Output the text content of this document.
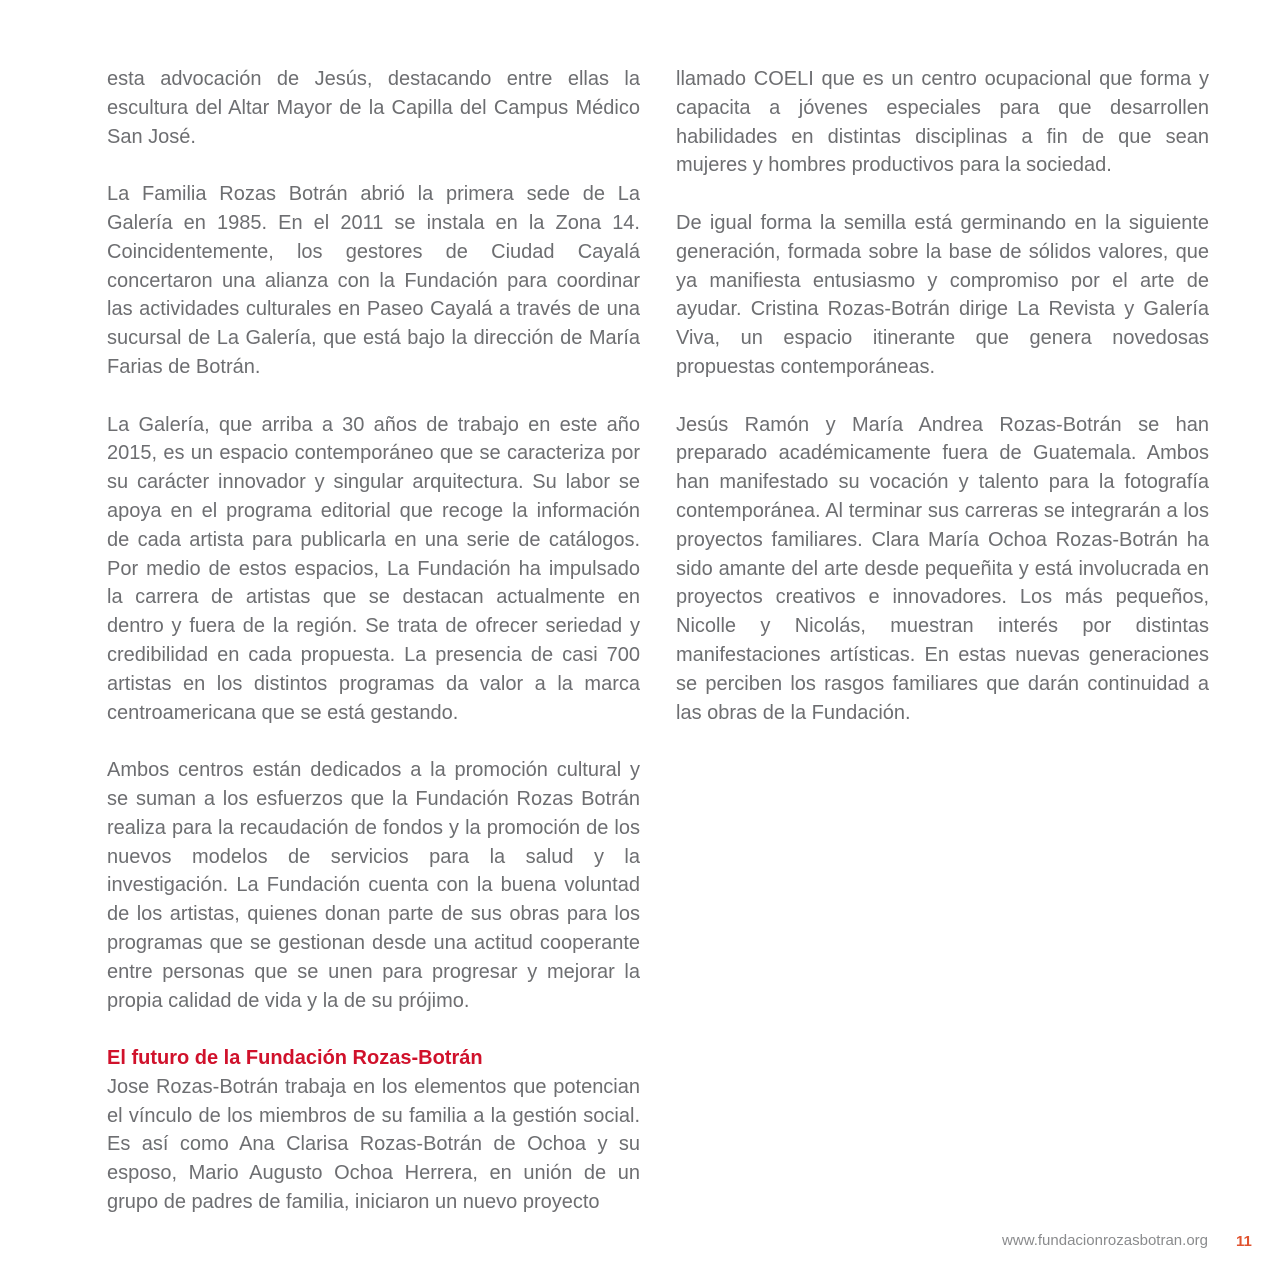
esta advocación de Jesús, destacando entre ellas la escultura del Altar Mayor de la Capilla del Campus Médico San José.

La Familia Rozas Botrán abrió la primera sede de La Galería en 1985. En el 2011 se instala en la Zona 14. Coincidentemente, los gestores de Ciudad Cayalá concertaron una alianza con la Fundación para coordinar las actividades culturales en Paseo Cayalá a través de una sucursal de La Galería, que está bajo la dirección de María Farias de Botrán.

La Galería, que arriba a 30 años de trabajo en este año 2015, es un espacio contemporáneo que se caracteriza por su carácter innovador y singular arquitectura. Su labor se apoya en el programa editorial que recoge la información de cada artista para publicarla en una serie de catálogos. Por medio de estos espacios, La Fundación ha impulsado la carrera de artistas que se destacan actualmente en dentro y fuera de la región. Se trata de ofrecer seriedad y credibilidad en cada propuesta. La presencia de casi 700 artistas en los distintos programas da valor a la marca centroamericana que se está gestando.

Ambos centros están dedicados a la promoción cultural y se suman a los esfuerzos que la Fundación Rozas Botrán realiza para la recaudación de fondos y la promoción de los nuevos modelos de servicios para la salud y la investigación. La Fundación cuenta con la buena voluntad de los artistas, quienes donan parte de sus obras para los programas que se gestionan desde una actitud cooperante entre personas que se unen para progresar y mejorar la propia calidad de vida y la de su prójimo.

El futuro de la Fundación Rozas-Botrán

Jose Rozas-Botrán trabaja en los elementos que potencian el vínculo de los miembros de su familia a la gestión social. Es así como Ana Clarisa Rozas-Botrán de Ochoa y su esposo, Mario Augusto Ochoa Herrera, en unión de un grupo de padres de familia, iniciaron un nuevo proyecto

llamado COELI que es un centro ocupacional que forma y capacita a jóvenes especiales para que desarrollen habilidades en distintas disciplinas a fin de que sean mujeres y hombres productivos para la sociedad.

De igual forma la semilla está germinando en la siguiente generación, formada sobre la base de sólidos valores, que ya manifiesta entusiasmo y compromiso por el arte de ayudar. Cristina Rozas-Botrán dirige La Revista y Galería Viva, un espacio itinerante que genera novedosas propuestas contemporáneas.

Jesús Ramón y María Andrea Rozas-Botrán se han preparado académicamente fuera de Guatemala. Ambos han manifestado su vocación y talento para la fotografía contemporánea. Al terminar sus carreras se integrarán a los proyectos familiares. Clara María Ochoa Rozas-Botrán ha sido amante del arte desde pequeñita y está involucrada en proyectos creativos e innovadores. Los más pequeños, Nicolle y Nicolás, muestran interés por distintas manifestaciones artísticas. En estas nuevas generaciones se perciben los rasgos familiares que darán continuidad a las obras de la Fundación.

www.fundacionrozasbotran.org 11
